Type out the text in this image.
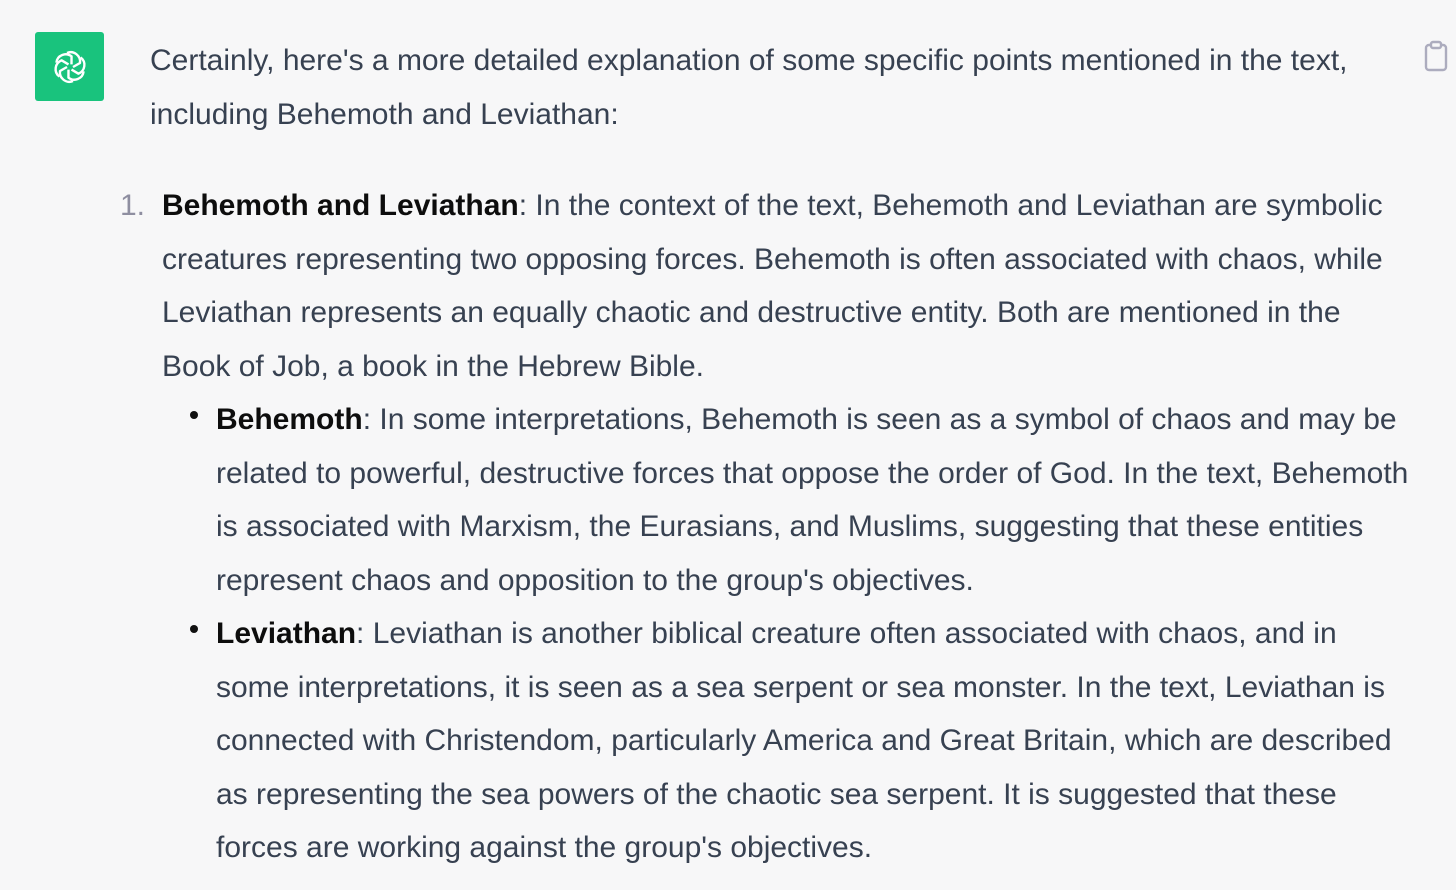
Certainly, here's a more detailed explanation of some specific points mentioned in the text, including Behemoth and Leviathan:

1. Behemoth and Leviathan: In the context of the text, Behemoth and Leviathan are symbolic creatures representing two opposing forces. Behemoth is often associated with chaos, while Leviathan represents an equally chaotic and destructive entity. Both are mentioned in the Book of Job, a book in the Hebrew Bible.
Behemoth: In some interpretations, Behemoth is seen as a symbol of chaos and may be related to powerful, destructive forces that oppose the order of God. In the text, Behemoth is associated with Marxism, the Eurasians, and Muslims, suggesting that these entities represent chaos and opposition to the group's objectives.
Leviathan: Leviathan is another biblical creature often associated with chaos, and in some interpretations, it is seen as a sea serpent or sea monster. In the text, Leviathan is connected with Christendom, particularly America and Great Britain, which are described as representing the sea powers of the chaotic sea serpent. It is suggested that these forces are working against the group's objectives.
